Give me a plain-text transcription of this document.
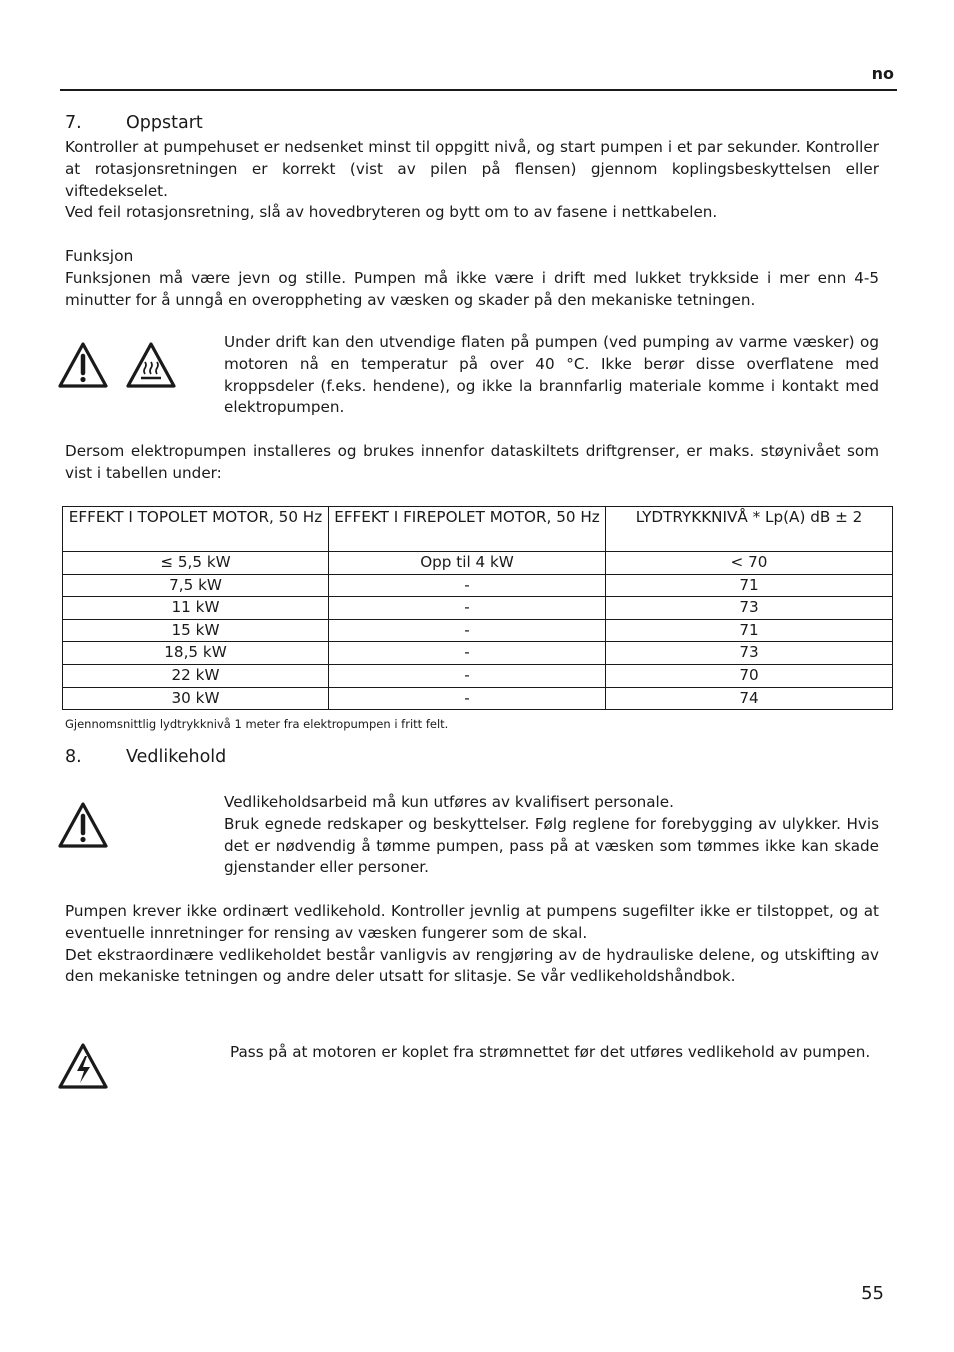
no
7.	Oppstart

Kontroller at pumpehuset er nedsenket minst til oppgitt nivå, og start pumpen i et par sekunder. Kontroller at rotasjonsretningen er korrekt (vist av pilen på flensen) gjennom koplingsbeskyttelsen eller viftedekselet.

Ved feil rotasjonsretning, slå av hovedbryteren og bytt om to av fasene i nettkabelen.

Funksjon
Funksjonen må være jevn og stille. Pumpen må ikke være i drift med lukket trykkside i mer enn 4-5 minutter for å unngå en overoppheting av væsken og skader på den mekaniske tetningen.
Under drift kan den utvendige flaten på pumpen (ved pumping av varme væsker) og motoren nå en temperatur på over 40 °C. Ikke berør disse overflatene med kroppsdeler (f.eks. hendene), og ikke la brannfarlig materiale komme i kontakt med elektropumpen.
Dersom elektropumpen installeres og brukes innenfor dataskiltets driftgrenser, er maks. støynivået som vist i tabellen under:
EFFEKT I TOPOLET MOTOR, 50 Hz	EFFEKT I FIREPOLET MOTOR, 50 Hz	LYDTRYKKNIVÅ * Lp(A) dB ± 2
≤ 5,5 kW	Opp til 4 kW	< 70
7,5 kW	-	71
11 kW	-	73
15 kW	-	71
18,5 kW	-	73
22 kW	-	70
30 kW	-	74
Gjennomsnittlig lydtrykknivå 1 meter fra elektropumpen i fritt felt.
8.	Vedlikehold

Vedlikeholdsarbeid må kun utføres av kvalifisert personale.

Bruk egnede redskaper og beskyttelser. Følg reglene for forebygging av ulykker. Hvis det er nødvendig å tømme pumpen, pass på at væsken som tømmes ikke kan skade gjenstander eller personer.

Pumpen krever ikke ordinært vedlikehold. Kontroller jevnlig at pumpens sugefilter ikke er tilstoppet, og at eventuelle innretninger for rensing av væsken fungerer som de skal.

Det ekstraordinære vedlikeholdet består vanligvis av rengjøring av de hydrauliske delene, og utskifting av den mekaniske tetningen og andre deler utsatt for slitasje. Se vår vedlikeholdshåndbok.

Pass på at motoren er koplet fra strømnettet før det utføres vedlikehold av pumpen.
55
